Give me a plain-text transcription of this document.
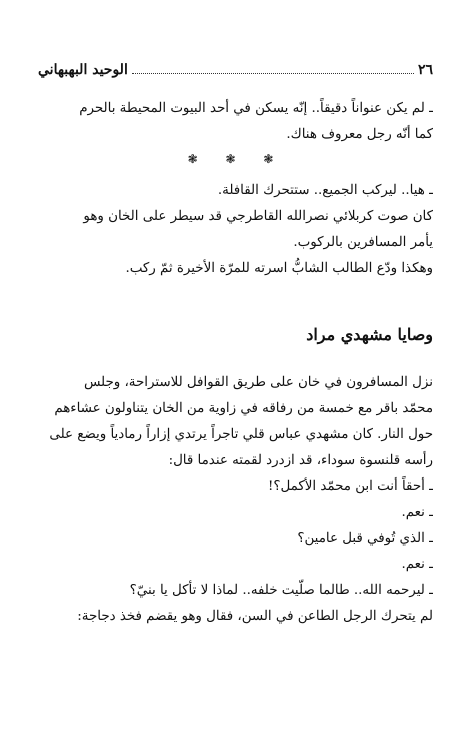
٢٦
الوحيد البهبهاني
ـ لم يكن عنواناً دقيقاً.. إنّه يسكن في أحد البيوت المحيطة بالحرم
كما أنّه رجل معروف هناك.
❃ ❃ ❃
ـ هيا.. ليركب الجميع.. ستتحرك القافلة.
كان صوت كربلائي نصرالله القاطرجي قد سيطر على الخان وهو
يأمر المسافرين بالركوب.
وهكذا ودّع الطالب الشابُّ اسرته للمرّة الأخيرة ثمّ ركب.
وصايا مشهدي مراد
نزل المسافرون في خان على طريق القوافل للاستراحة، وجلس
محمّد باقر مع خمسة من رفاقه في زاوية من الخان يتناولون عشاءهم
حول النار. كان مشهدي عباس قلي تاجراً يرتدي إزاراً رمادياً ويضع على
رأسه قلنسوة سوداء، قد ازدرد لقمته عندما قال:
ـ أحقاً أنت ابن محمّد الأكمل؟!
ـ نعم.
ـ الذي تُوفي قبل عامين؟
ـ نعم.
ـ ليرحمه الله.. طالما صلّيت خلفه.. لماذا لا تأكل يا بنيّ؟
لم يتحرك الرجل الطاعن في السن، فقال وهو يقضم فخذ دجاجة:
